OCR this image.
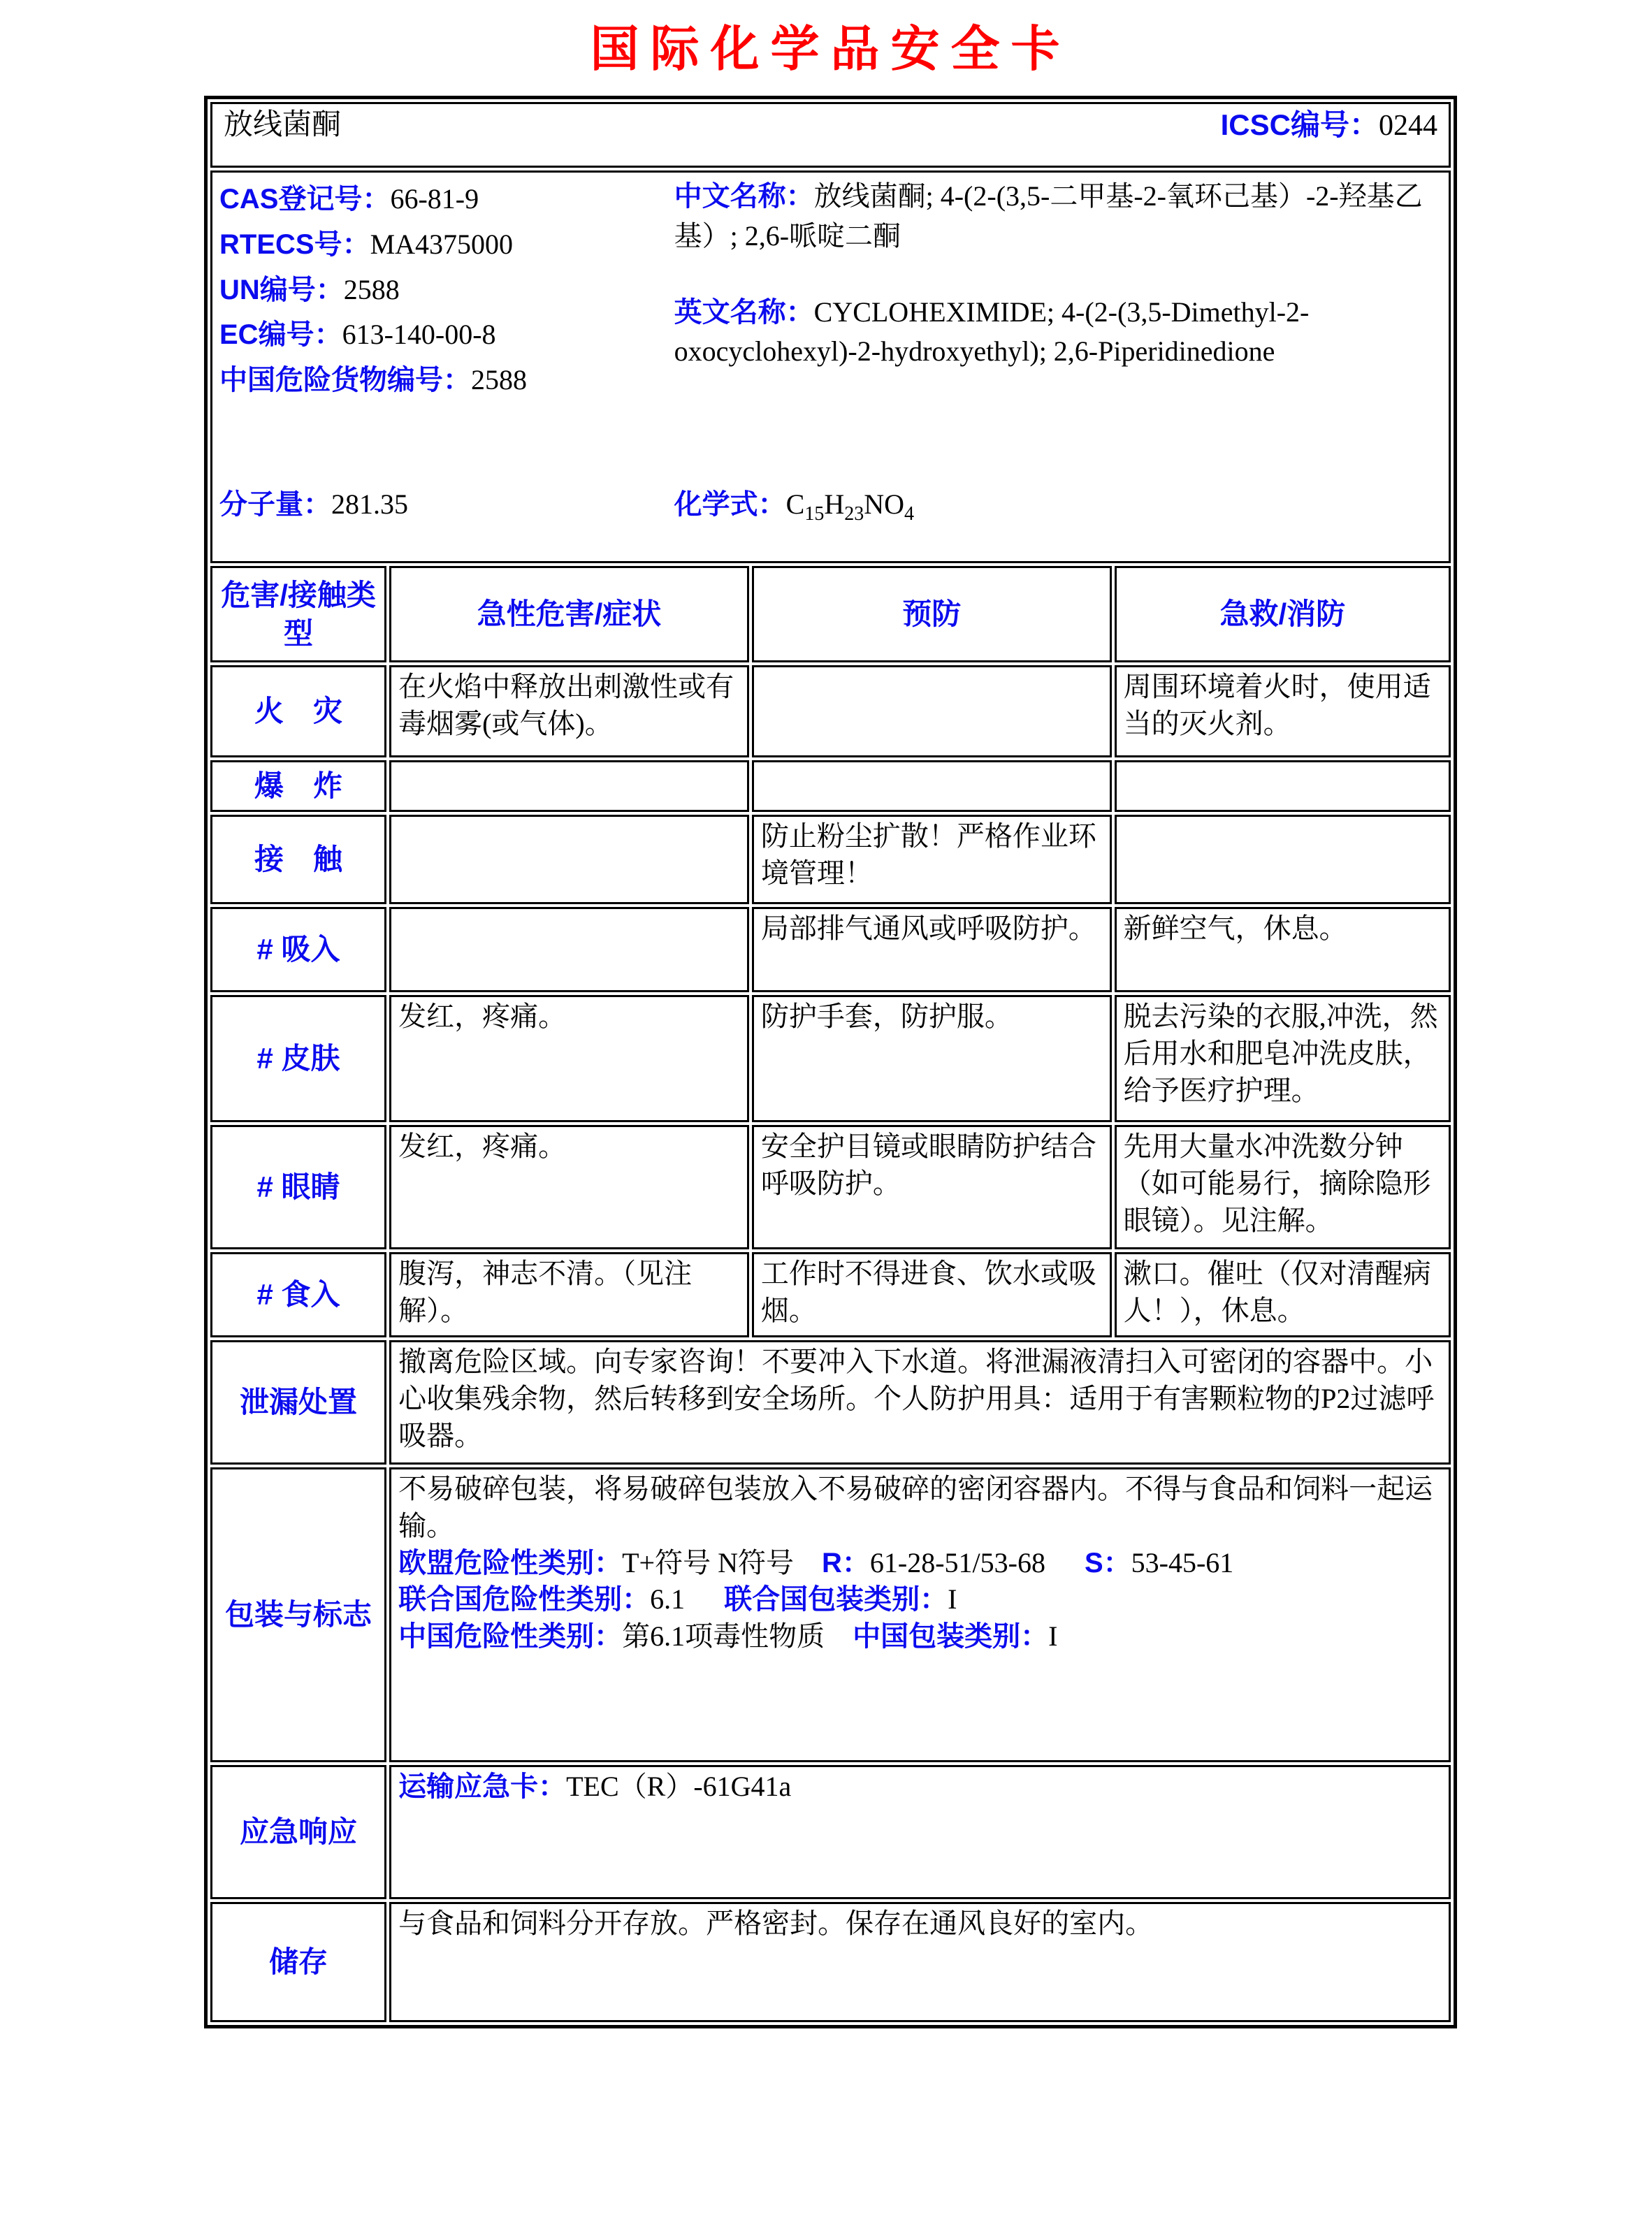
国际化学品安全卡
放线菌酮 ICSC编号：0244			

CAS登记号：66-81-9
RTECS号：MA4375000
UN编号：2588
EC编号：613-140-00-8
中国危险货物编号：2588

中文名称：放线菌酮; 4-(2-(3,5-二甲基-2-氧环己基）-2-羟基乙基）; 2,6-哌啶二酮

英文名称：CYCLOHEXIMIDE; 4-(2-(3,5-Dimethyl-2-oxocyclohexyl)-2-hydroxyethyl); 2,6-Piperidinedione

分子量：281.35	化学式：$C_{15}H_{23}NO_4$

危害/接触类型	急性危害/症状	预防	急救/消防
火　灾	在火焰中释放出刺激性或有毒烟雾(或气体)。		周围环境着火时，使用适当的灭火剂。
爆　炸			
接　触		防止粉尘扩散！严格作业环境管理！	
# 吸入		局部排气通风或呼吸防护。	新鲜空气，休息。
# 皮肤	发红，疼痛。	防护手套，防护服。	脱去污染的衣服,冲洗，然后用水和肥皂冲洗皮肤，给予医疗护理。
# 眼睛	发红，疼痛。	安全护目镜或眼睛防护结合呼吸防护。	先用大量水冲洗数分钟（如可能易行，摘除隐形眼镜）。见注解。
# 食入	腹泻，神志不清。（见注解）。	工作时不得进食、饮水或吸烟。	漱口。催吐（仅对清醒病人！），休息。
泄漏处置	撤离危险区域。向专家咨询！不要冲入下水道。将泄漏液清扫入可密闭的容器中。小心收集残余物，然后转移到安全场所。个人防护用具：适用于有害颗粒物的P2过滤呼吸器。		
包装与标志	不易破碎包装，将易破碎包装放入不易破碎的密闭容器内。不得与食品和饲料一起运输。

欧盟危险性类别：T+符号 N符号 R：61-28-51/53-68 S：53-45-61

联合国危险性类别：6.1 联合国包装类别：I

中国危险性类别：第6.1项毒性物质 中国包装类别：I		

应急响应	运输应急卡：TEC（R）-61G41a		
储存	与食品和饲料分开存放。严格密封。保存在通风良好的室内。		
